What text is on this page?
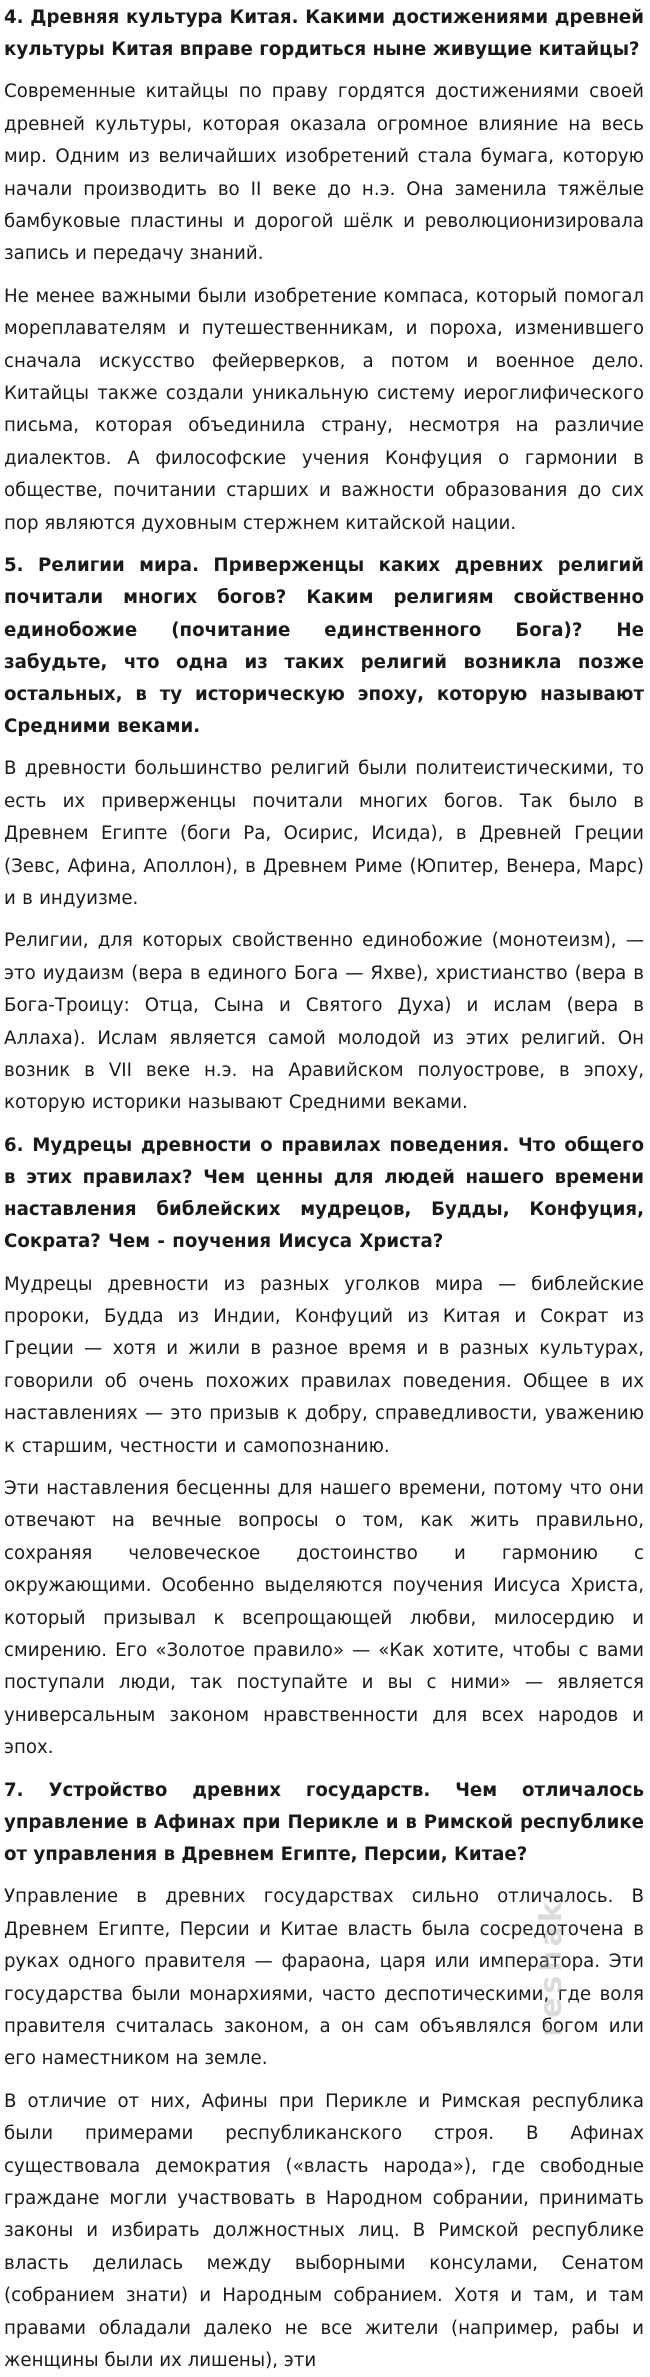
4. Древняя культура Китая. Какими достижениями древней культуры Китая вправе гордиться ныне живущие китайцы?

Современные китайцы по праву гордятся достижениями своей древней культуры, которая оказала огромное влияние на весь мир. Одним из величайших изобретений стала бумага, которую начали производить во II веке до н.э. Она заменила тяжёлые бамбуковые пластины и дорогой шёлк и революционизировала запись и передачу знаний.

Не менее важными были изобретение компаса, который помогал мореплавателям и путешественникам, и пороха, изменившего сначала искусство фейерверков, а потом и военное дело. Китайцы также создали уникальную систему иероглифического письма, которая объединила страну, несмотря на различие диалектов. А философские учения Конфуция о гармонии в обществе, почитании старших и важности образования до сих пор являются духовным стержнем китайской нации.

5. Религии мира. Приверженцы каких древних религий почитали многих богов? Каким религиям свойственно единобожие (почитание единственного Бога)? Не забудьте, что одна из таких религий возникла позже остальных, в ту историческую эпоху, которую называют Средними веками.

В древности большинство религий были политеистическими, то есть их приверженцы почитали многих богов. Так было в Древнем Египте (боги Ра, Осирис, Исида), в Древней Греции (Зевс, Афина, Аполлон), в Древнем Риме (Юпитер, Венера, Марс) и в индуизме.

Религии, для которых свойственно единобожие (монотеизм), — это иудаизм (вера в единого Бога — Яхве), христианство (вера в Бога-Троицу: Отца, Сына и Святого Духа) и ислам (вера в Аллаха). Ислам является самой молодой из этих религий. Он возник в VII веке н.э. на Аравийском полуострове, в эпоху, которую историки называют Средними веками.

6. Мудрецы древности о правилах поведения. Что общего в этих правилах? Чем ценны для людей нашего времени наставления библейских мудрецов, Будды, Конфуция, Сократа? Чем - поучения Иисуса Христа?

Мудрецы древности из разных уголков мира — библейские пророки, Будда из Индии, Конфуций из Китая и Сократ из Греции — хотя и жили в разное время и в разных культурах, говорили об очень похожих правилах поведения. Общее в их наставлениях — это призыв к добру, справедливости, уважению к старшим, честности и самопознанию.

Эти наставления бесценны для нашего времени, потому что они отвечают на вечные вопросы о том, как жить правильно, сохраняя человеческое достоинство и гармонию с окружающими. Особенно выделяются поучения Иисуса Христа, который призывал к всепрощающей любви, милосердию и смирению. Его «Золотое правило» — «Как хотите, чтобы с вами поступали люди, так поступайте и вы с ними» — является универсальным законом нравственности для всех народов и эпох.

7. Устройство древних государств. Чем отличалось управление в Афинах при Перикле и в Римской республике от управления в Древнем Египте, Персии, Китае?

Управление в древних государствах сильно отличалось. В Древнем Египте, Персии и Китае власть была сосредоточена в руках одного правителя — фараона, царя или императора. Эти государства были монархиями, часто деспотическими, где воля правителя считалась законом, а он сам объявлялся богом или его наместником на земле.

В отличие от них, Афины при Перикле и Римская республика были примерами республиканского строя. В Афинах существовала демократия («власть народа»), где свободные граждане могли участвовать в Народном собрании, принимать законы и избирать должностных лиц. В Римской республике власть делилась между выборными консулами, Сенатом (собранием знати) и Народным собранием. Хотя и там, и там правами обладали далеко не все жители (например, рабы и женщины были их лишены), эти

reshak
